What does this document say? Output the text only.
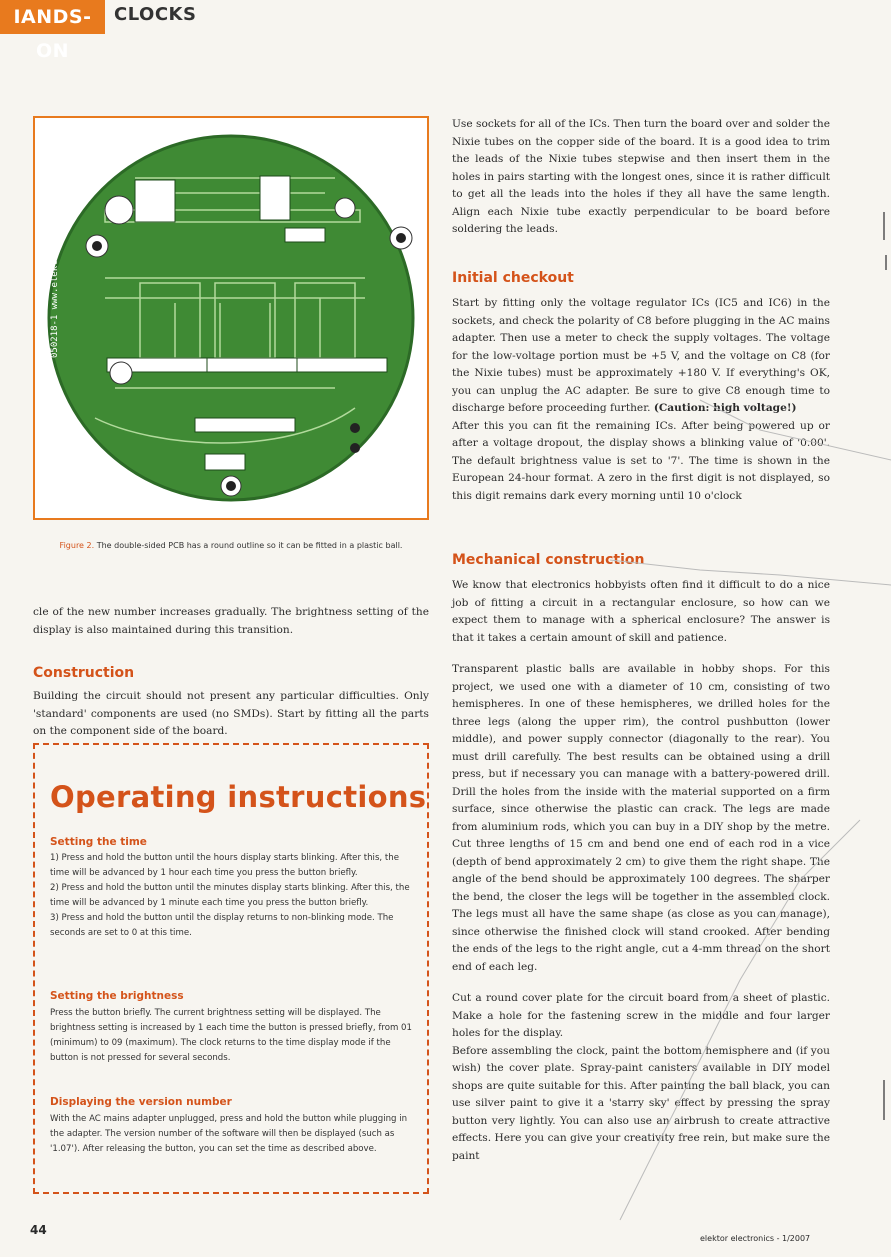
IANDS-ON
CLOCKS
050218-1 www.elektor.com
Figure 2. The double-sided PCB has a round outline so it can be fitted in a plastic ball.

cle of the new number increases gradually. The brightness setting of the display is also maintained during this transition.

Construction

Building the circuit should not present any particular difficulties. Only 'standard' components are used (no SMDs). Start by fitting all the parts on the component side of the board.

Operating instructions
Setting the time

1) Press and hold the button until the hours display starts blinking. After this, the time will be advanced by 1 hour each time you press the button briefly.

2) Press and hold the button until the minutes display starts blinking. After this, the time will be advanced by 1 minute each time you press the button briefly.

3) Press and hold the button until the display returns to non-blinking mode. The seconds are set to 0 at this time.

Setting the brightness

Press the button briefly. The current brightness setting will be displayed. The brightness setting is increased by 1 each time the button is pressed briefly, from 01 (minimum) to 09 (maximum). The clock returns to the time display mode if the button is not pressed for several seconds.

Displaying the version number

With the AC mains adapter unplugged, press and hold the button while plugging in the adapter. The version number of the software will then be displayed (such as '1.07'). After releasing the button, you can set the time as described above.

Use sockets for all of the ICs. Then turn the board over and solder the Nixie tubes on the copper side of the board. It is a good idea to trim the leads of the Nixie tubes stepwise and then insert them in the holes in pairs starting with the longest ones, since it is rather difficult to get all the leads into the holes if they all have the same length. Align each Nixie tube exactly perpendicular to be board before soldering the leads.

Initial checkout

Start by fitting only the voltage regulator ICs (IC5 and IC6) in the sockets, and check the polarity of C8 before plugging in the AC mains adapter. Then use a meter to check the supply voltages. The voltage for the low-voltage portion must be +5 V, and the voltage on C8 (for the Nixie tubes) must be approximately +180 V. If everything's OK, you can unplug the AC adapter. Be sure to give C8 enough time to discharge before proceeding further. (Caution: high voltage!)

After this you can fit the remaining ICs. After being powered up or after a voltage dropout, the display shows a blinking value of '0.00'. The default brightness value is set to '7'. The time is shown in the European 24-hour format. A zero in the first digit is not displayed, so this digit remains dark every morning until 10 o'clock

Mechanical construction

We know that electronics hobbyists often find it difficult to do a nice job of fitting a circuit in a rectangular enclosure, so how can we expect them to manage with a spherical enclosure? The answer is that it takes a certain amount of skill and patience.

Transparent plastic balls are available in hobby shops. For this project, we used one with a diameter of 10 cm, consisting of two hemispheres. In one of these hemispheres, we drilled holes for the three legs (along the upper rim), the control pushbutton (lower middle), and power supply connector (diagonally to the rear). You must drill carefully. The best results can be obtained using a drill press, but if necessary you can manage with a battery-powered drill. Drill the holes from the inside with the material supported on a firm surface, since otherwise the plastic can crack. The legs are made from aluminium rods, which you can buy in a DIY shop by the metre. Cut three lengths of 15 cm and bend one end of each rod in a vice (depth of bend approximately 2 cm) to give them the right shape. The angle of the bend should be approximately 100 degrees. The sharper the bend, the closer the legs will be together in the assembled clock. The legs must all have the same shape (as close as you can manage), since otherwise the finished clock will stand crooked. After bending the ends of the legs to the right angle, cut a 4-mm thread on the short end of each leg.

Cut a round cover plate for the circuit board from a sheet of plastic. Make a hole for the fastening screw in the middle and four larger holes for the display.

Before assembling the clock, paint the bottom hemisphere and (if you wish) the cover plate. Spray-paint canisters available in DIY model shops are quite suitable for this. After painting the ball black, you can use silver paint to give it a 'starry sky' effect by pressing the spray button very lightly. You can also use an airbrush to create attractive effects. Here you can give your creativity free rein, but make sure the paint

44
elektor electronics - 1/2007
